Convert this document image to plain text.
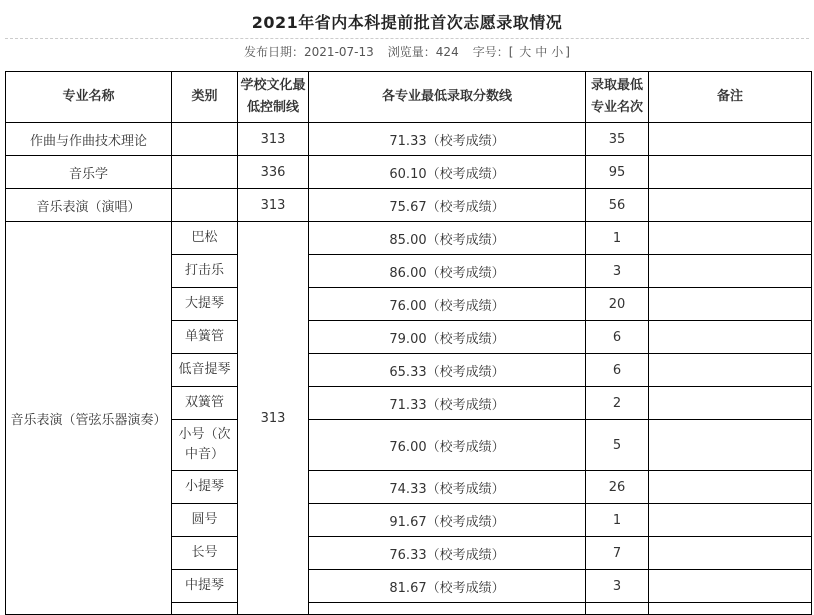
2021年省内本科提前批首次志愿录取情况
发布日期：2021-07-13 浏览量：424 字号：[ 大 中 小 ]
专业名称	类别	学校文化最
低控制线	各专业最低录取分数线	录取最低
专业名次	备注
作曲与作曲技术理论		313	71.33（校考成绩）	35	
音乐学		336	60.10（校考成绩）	95	
音乐表演（演唱）		313	75.67（校考成绩）	56	
音乐表演（管弦乐器演奏）	巴松	313	85.00（校考成绩）	1	
	打击乐		86.00（校考成绩）	3	
	大提琴		76.00（校考成绩）	20	
	单簧管		79.00（校考成绩）	6	
	低音提琴		65.33（校考成绩）	6	
	双簧管		71.33（校考成绩）	2	
	小号（次中音）		76.00（校考成绩）	5	
	小提琴		74.33（校考成绩）	26	
	圆号		91.67（校考成绩）	1	
	长号		76.33（校考成绩）	7	
	中提琴		81.67（校考成绩）	3	
